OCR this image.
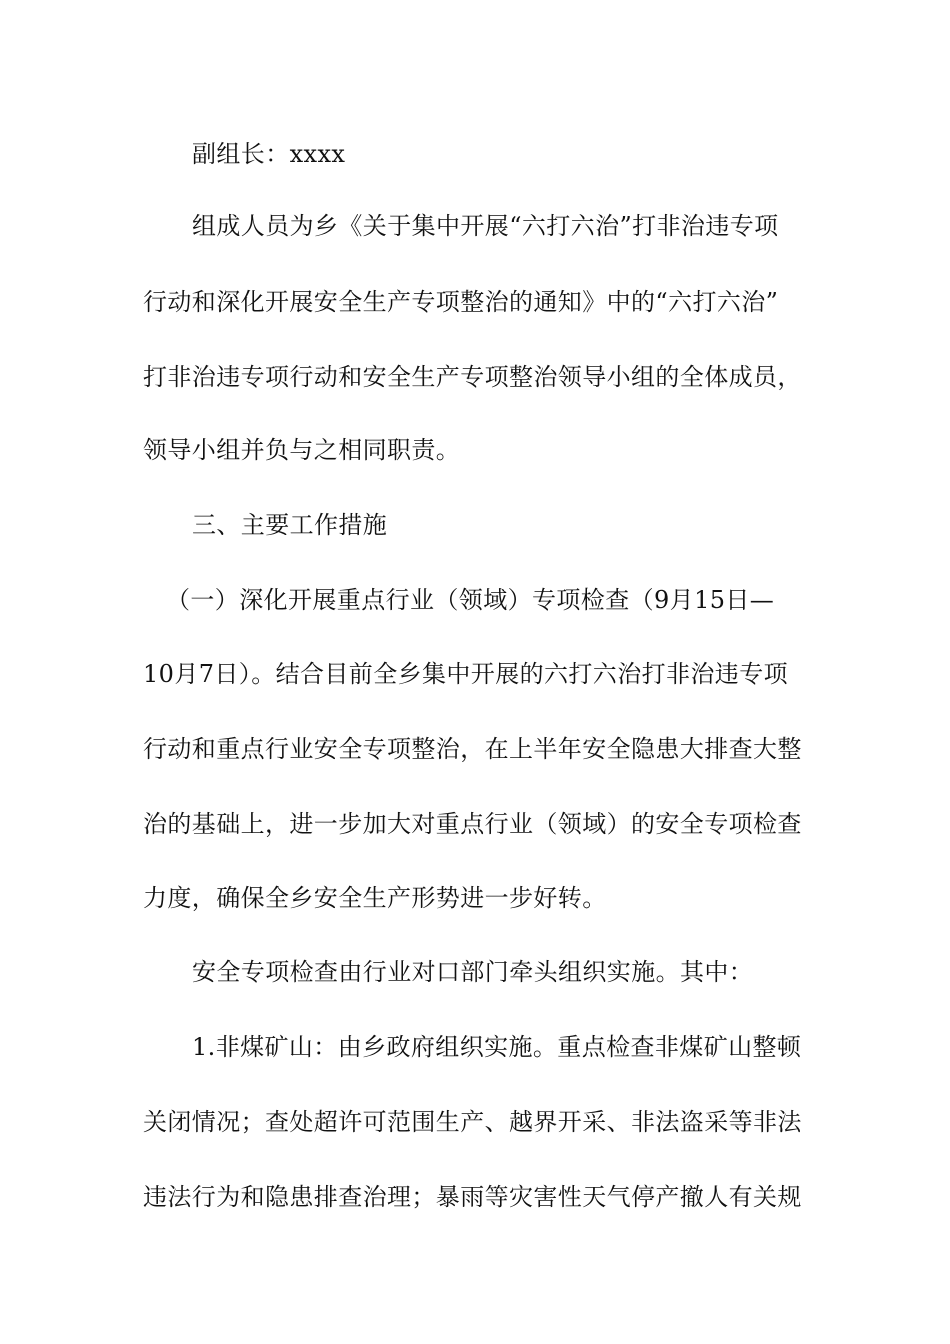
副组长：xxxx
组成人员为乡《关于集中开展“六打六治”打非治违专项
行动和深化开展安全生产专项整治的通知》中的“六打六治”
打非治违专项行动和安全生产专项整治领导小组的全体成员，
领导小组并负与之相同职责。
三、主要工作措施
（一）深化开展重点行业（领域）专项检查（9月15日—
10月7日）。结合目前全乡集中开展的六打六治打非治违专项
行动和重点行业安全专项整治，在上半年安全隐患大排查大整
治的基础上，进一步加大对重点行业（领域）的安全专项检查
力度，确保全乡安全生产形势进一步好转。
安全专项检查由行业对口部门牵头组织实施。其中：
1.非煤矿山：由乡政府组织实施。重点检查非煤矿山整顿
关闭情况；查处超许可范围生产、越界开采、非法盗采等非法
违法行为和隐患排查治理；暴雨等灾害性天气停产撤人有关规
